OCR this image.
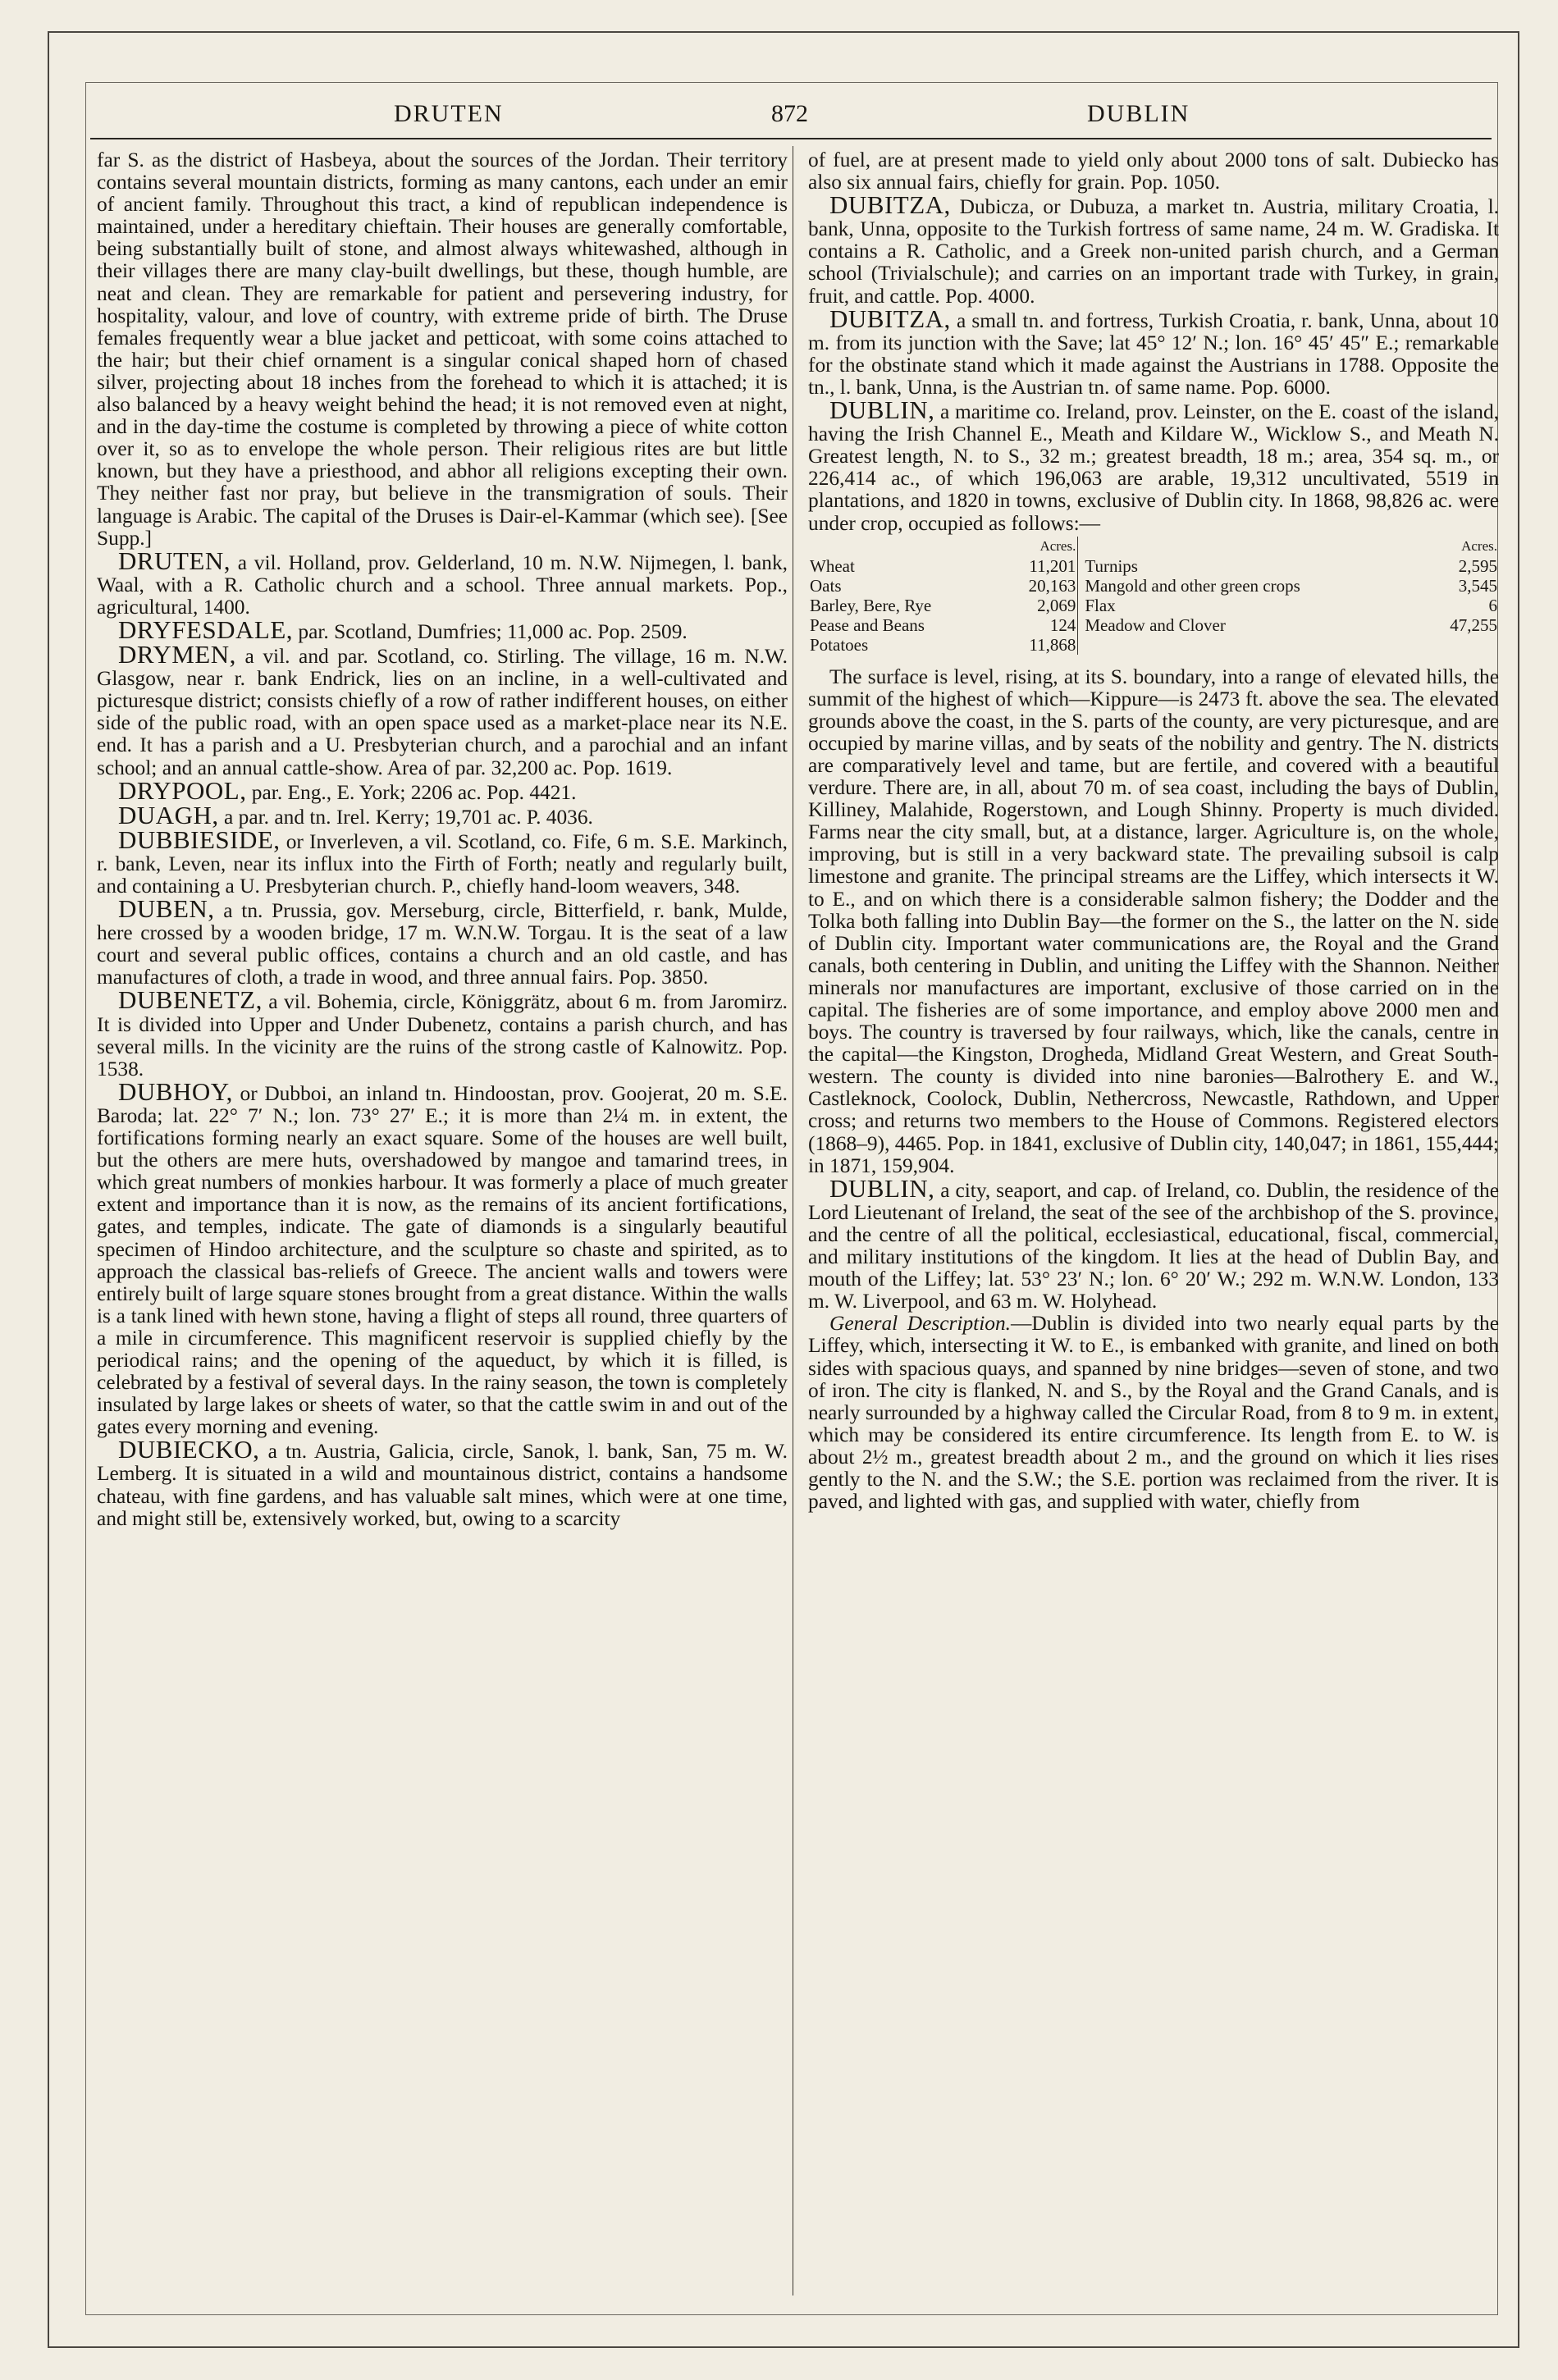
DRUTEN	872	DUBLIN

far S. as the district of Hasbeya, about the sources of the Jordan. Their territory contains several mountain districts, forming as many cantons, each under an emir of ancient family. Throughout this tract, a kind of republican independence is maintained, under a hereditary chieftain. Their houses are generally comfortable, being substantially built of stone, and almost always whitewashed, although in their villages there are many clay-built dwellings, but these, though humble, are neat and clean. They are remarkable for patient and persevering industry, for hospitality, valour, and love of country, with extreme pride of birth. The Druse females frequently wear a blue jacket and petticoat, with some coins attached to the hair; but their chief ornament is a singular conical shaped horn of chased silver, projecting about 18 inches from the forehead to which it is attached; it is also balanced by a heavy weight behind the head; it is not removed even at night, and in the day-time the costume is completed by throwing a piece of white cotton over it, so as to envelope the whole person. Their religious rites are but little known, but they have a priesthood, and abhor all religions excepting their own. They neither fast nor pray, but believe in the transmigration of souls. Their language is Arabic. The capital of the Druses is Dair-el-Kammar (which see). [See Supp.]

DRUTEN, a vil. Holland, prov. Gelderland, 10 m. N.W. Nijmegen, l. bank, Waal, with a R. Catholic church and a school. Three annual markets. Pop., agricultural, 1400.

DRYFESDALE, par. Scotland, Dumfries; 11,000 ac. Pop. 2509.

DRYMEN, a vil. and par. Scotland, co. Stirling. The village, 16 m. N.W. Glasgow, near r. bank Endrick, lies on an incline, in a well-cultivated and picturesque district; consists chiefly of a row of rather indifferent houses, on either side of the public road, with an open space used as a market-place near its N.E. end. It has a parish and a U. Presbyterian church, and a parochial and an infant school; and an annual cattle-show. Area of par. 32,200 ac. Pop. 1619.

DRYPOOL, par. Eng., E. York; 2206 ac. Pop. 4421.

DUAGH, a par. and tn. Irel. Kerry; 19,701 ac. P. 4036.

DUBBIESIDE, or Inverleven, a vil. Scotland, co. Fife, 6 m. S.E. Markinch, r. bank, Leven, near its influx into the Firth of Forth; neatly and regularly built, and containing a U. Presbyterian church. P., chiefly hand-loom weavers, 348.

DUBEN, a tn. Prussia, gov. Merseburg, circle, Bitterfield, r. bank, Mulde, here crossed by a wooden bridge, 17 m. W.N.W. Torgau. It is the seat of a law court and several public offices, contains a church and an old castle, and has manufactures of cloth, a trade in wood, and three annual fairs. Pop. 3850.

DUBENETZ, a vil. Bohemia, circle, Königgrätz, about 6 m. from Jaromirz. It is divided into Upper and Under Dubenetz, contains a parish church, and has several mills. In the vicinity are the ruins of the strong castle of Kalnowitz. Pop. 1538.

DUBHOY, or Dubboi, an inland tn. Hindoostan, prov. Goojerat, 20 m. S.E. Baroda; lat. 22° 7′ N.; lon. 73° 27′ E.; it is more than 2¼ m. in extent, the fortifications forming nearly an exact square. Some of the houses are well built, but the others are mere huts, overshadowed by mangoe and tamarind trees, in which great numbers of monkies harbour. It was formerly a place of much greater extent and importance than it is now, as the remains of its ancient fortifications, gates, and temples, indicate. The gate of diamonds is a singularly beautiful specimen of Hindoo architecture, and the sculpture so chaste and spirited, as to approach the classical bas-reliefs of Greece. The ancient walls and towers were entirely built of large square stones brought from a great distance. Within the walls is a tank lined with hewn stone, having a flight of steps all round, three quarters of a mile in circumference. This magnificent reservoir is supplied chiefly by the periodical rains; and the opening of the aqueduct, by which it is filled, is celebrated by a festival of several days. In the rainy season, the town is completely insulated by large lakes or sheets of water, so that the cattle swim in and out of the gates every morning and evening.

DUBIECKO, a tn. Austria, Galicia, circle, Sanok, l. bank, San, 75 m. W. Lemberg. It is situated in a wild and mountainous district, contains a handsome chateau, with fine gardens, and has valuable salt mines, which were at one time, and might still be, extensively worked, but, owing to a scarcity

of fuel, are at present made to yield only about 2000 tons of salt. Dubiecko has also six annual fairs, chiefly for grain. Pop. 1050.

DUBITZA, Dubicza, or Dubuza, a market tn. Austria, military Croatia, l. bank, Unna, opposite to the Turkish fortress of same name, 24 m. W. Gradiska. It contains a R. Catholic, and a Greek non-united parish church, and a German school (Trivialschule); and carries on an important trade with Turkey, in grain, fruit, and cattle. Pop. 4000.

DUBITZA, a small tn. and fortress, Turkish Croatia, r. bank, Unna, about 10 m. from its junction with the Save; lat 45° 12′ N.; lon. 16° 45′ 45″ E.; remarkable for the obstinate stand which it made against the Austrians in 1788. Opposite the tn., l. bank, Unna, is the Austrian tn. of same name. Pop. 6000.

DUBLIN, a maritime co. Ireland, prov. Leinster, on the E. coast of the island, having the Irish Channel E., Meath and Kildare W., Wicklow S., and Meath N. Greatest length, N. to S., 32 m.; greatest breadth, 18 m.; area, 354 sq. m., or 226,414 ac., of which 196,063 are arable, 19,312 uncultivated, 5519 in plantations, and 1820 in towns, exclusive of Dublin city. In 1868, 98,826 ac. were under crop, occupied as follows:—

	Acres.		Acres.
Wheat	11,201	Turnips	2,595
Oats	20,163	Mangold and other green crops	3,545
Barley, Bere, Rye	2,069	Flax	6
Pease and Beans	124	Meadow and Clover	47,255
Potatoes	11,868		

The surface is level, rising, at its S. boundary, into a range of elevated hills, the summit of the highest of which—Kippure—is 2473 ft. above the sea. The elevated grounds above the coast, in the S. parts of the county, are very picturesque, and are occupied by marine villas, and by seats of the nobility and gentry. The N. districts are comparatively level and tame, but are fertile, and covered with a beautiful verdure. There are, in all, about 70 m. of sea coast, including the bays of Dublin, Killiney, Malahide, Rogerstown, and Lough Shinny. Property is much divided. Farms near the city small, but, at a distance, larger. Agriculture is, on the whole, improving, but is still in a very backward state. The prevailing subsoil is calp limestone and granite. The principal streams are the Liffey, which intersects it W. to E., and on which there is a considerable salmon fishery; the Dodder and the Tolka both falling into Dublin Bay—the former on the S., the latter on the N. side of Dublin city. Important water communications are, the Royal and the Grand canals, both centering in Dublin, and uniting the Liffey with the Shannon. Neither minerals nor manufactures are important, exclusive of those carried on in the capital. The fisheries are of some importance, and employ above 2000 men and boys. The country is traversed by four railways, which, like the canals, centre in the capital—the Kingston, Drogheda, Midland Great Western, and Great South-western. The county is divided into nine baronies—Balrothery E. and W., Castleknock, Coolock, Dublin, Nethercross, Newcastle, Rathdown, and Upper cross; and returns two members to the House of Commons. Registered electors (1868–9), 4465. Pop. in 1841, exclusive of Dublin city, 140,047; in 1861, 155,444; in 1871, 159,904.

DUBLIN, a city, seaport, and cap. of Ireland, co. Dublin, the residence of the Lord Lieutenant of Ireland, the seat of the see of the archbishop of the S. province, and the centre of all the political, ecclesiastical, educational, fiscal, commercial, and military institutions of the kingdom. It lies at the head of Dublin Bay, and mouth of the Liffey; lat. 53° 23′ N.; lon. 6° 20′ W.; 292 m. W.N.W. London, 133 m. W. Liverpool, and 63 m. W. Holyhead.

General Description.—Dublin is divided into two nearly equal parts by the Liffey, which, intersecting it W. to E., is embanked with granite, and lined on both sides with spacious quays, and spanned by nine bridges—seven of stone, and two of iron. The city is flanked, N. and S., by the Royal and the Grand Canals, and is nearly surrounded by a highway called the Circular Road, from 8 to 9 m. in extent, which may be considered its entire circumference. Its length from E. to W. is about 2½ m., greatest breadth about 2 m., and the ground on which it lies rises gently to the N. and the S.W.; the S.E. portion was reclaimed from the river. It is paved, and lighted with gas, and supplied with water, chiefly from
